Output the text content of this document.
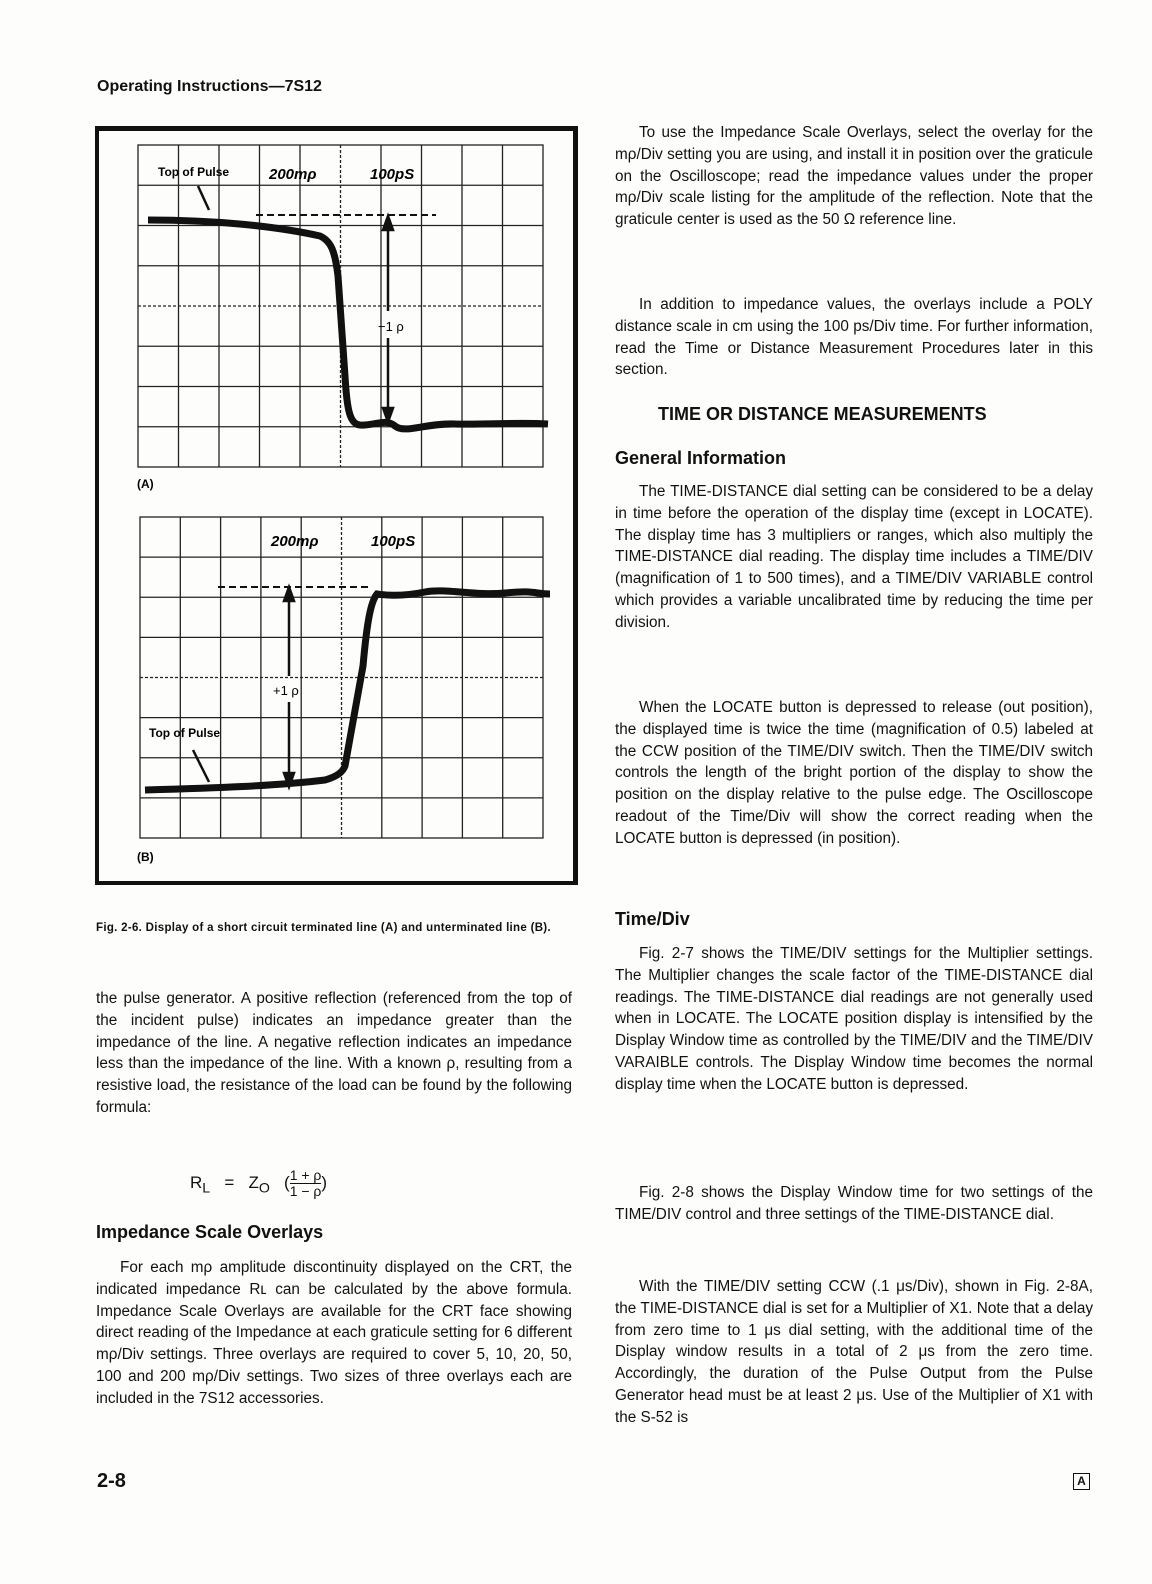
Operating Instructions—7S12
−1 ρ
Top of Pulse	200mρ	100pS
(A)
+1 ρ
Top of Pulse
200mρ	100pS
(B)
Fig. 2-6. Display of a short circuit terminated line (A) and unterminated line (B).

the pulse generator. A positive reflection (referenced from the top of the incident pulse) indicates an impedance greater than the impedance of the line. A negative reflection indicates an impedance less than the impedance of the line. With a known ρ, resulting from a resistive load, the resistance of the load can be found by the following formula:

$R_L = Z_O$   ( $\frac{1 + \rho}{1 - \rho}$ )
Impedance Scale Overlays

For each mρ amplitude discontinuity displayed on the CRT, the indicated impedance Rʟ can be calculated by the above formula. Impedance Scale Overlays are available for the CRT face showing direct reading of the Impedance at each graticule setting for 6 different mρ/Div settings. Three overlays are required to cover 5, 10, 20, 50, 100 and 200 mρ/Div settings. Two sizes of three overlays each are included in the 7S12 accessories.

To use the Impedance Scale Overlays, select the overlay for the mρ/Div setting you are using, and install it in position over the graticule on the Oscilloscope; read the impedance values under the proper mρ/Div scale listing for the amplitude of the reflection. Note that the graticule center is used as the 50 Ω reference line.

In addition to impedance values, the overlays include a POLY distance scale in cm using the 100 ps/Div time. For further information, read the Time or Distance Measurement Procedures later in this section.

TIME OR DISTANCE MEASUREMENTS
General Information

The TIME-DISTANCE dial setting can be considered to be a delay in time before the operation of the display time (except in LOCATE). The display time has 3 multipliers or ranges, which also multiply the TIME-DISTANCE dial reading. The display time includes a TIME/DIV (magnification of 1 to 500 times), and a TIME/DIV VARIABLE control which provides a variable uncalibrated time by reducing the time per division.

When the LOCATE button is depressed to release (out position), the displayed time is twice the time (magnification of 0.5) labeled at the CCW position of the TIME/DIV switch. Then the TIME/DIV switch controls the length of the bright portion of the display to show the position on the display relative to the pulse edge. The Oscilloscope readout of the Time/Div will show the correct reading when the LOCATE button is depressed (in position).

Time/Div

Fig. 2-7 shows the TIME/DIV settings for the Multiplier settings. The Multiplier changes the scale factor of the TIME-DISTANCE dial readings. The TIME-DISTANCE dial readings are not generally used when in LOCATE. The LOCATE position display is intensified by the Display Window time as controlled by the TIME/DIV and the TIME/DIV VARAIBLE controls. The Display Window time becomes the normal display time when the LOCATE button is depressed.

Fig. 2-8 shows the Display Window time for two settings of the TIME/DIV control and three settings of the TIME-DISTANCE dial.

With the TIME/DIV setting CCW (.1 μs/Div), shown in Fig. 2-8A, the TIME-DISTANCE dial is set for a Multiplier of X1. Note that a delay from zero time to 1 μs dial setting, with the additional time of the Display window results in a total of 2 μs from the zero time. Accordingly, the duration of the Pulse Output from the Pulse Generator head must be at least 2 μs. Use of the Multiplier of X1 with the S-52 is

2-8	A
